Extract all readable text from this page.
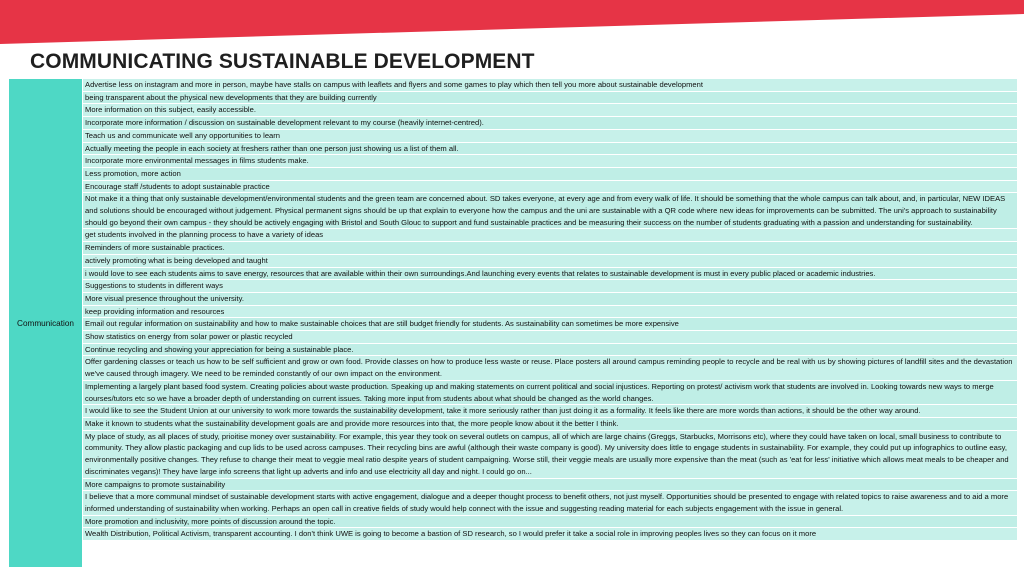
COMMUNICATING SUSTAINABLE DEVELOPMENT
Communication
Advertise less on instagram and more in person, maybe have stalls on campus with leaflets and flyers and some games to play which then tell you more about sustainable development
being transparent about the physical new developments that they are building currently
More information on this subject, easily accessible.
Incorporate more information / discussion on sustainable development relevant to my course (heavily internet-centred).
Teach us and communicate well any opportunities to learn
Actually meeting the people in each society at freshers rather than one person just showing us a list of them all.
Incorporate more environmental messages in films students make.
Less promotion, more action
Encourage staff /students to adopt sustainable practice
Not make it a thing that only sustainable development/environmental students and the green team are concerned about. SD takes everyone, at every age and from every walk of life. It should be something that the whole campus can talk about, and, in particular, NEW IDEAS and solutions should be encouraged without judgement. Physical permanent signs should be up that explain to everyone how the campus and the uni are sustainable with a QR code where new ideas for improvements can be submitted. The uni's approach to sustainability should go beyond their own campus - they should be actively engaging with Bristol and South Glouc to support and fund sustainable practices and be measuring their success on the number of students graduating with a passion and understanding for sustainability.
get students involved in the planning process to have a variety of ideas
Reminders of more sustainable practices.
actively promoting what is being developed and taught
i would love to see each students aims to save energy, resources that are available within their own surroundings.And launching every events that relates to sustainable development is must in every public placed or academic industries.
Suggestions to students in different ways
More visual presence throughout the university.
keep providing information and resources
Email out regular information on sustainability and how to make sustainable choices that are still budget friendly for students. As sustainability can sometimes be more expensive
Show statistics on energy from solar power or plastic recycled
Continue recycling and showing your appreciation for being a sustainable place.
Offer gardening classes or teach us how to be self sufficient and grow or own food. Provide classes on how to produce less waste or reuse. Place posters all around campus reminding people to recycle and be real with us by showing pictures of landfill sites and the devastation we've caused through imagery. We need to be reminded constantly of our own impact on the environment.
Implementing a largely plant based food system. Creating policies about waste production. Speaking up and making statements on current political and social injustices. Reporting on protest/ activism work that students are involved in. Looking towards new ways to merge courses/tutors etc so we have a broader depth of understanding on current issues. Taking more input from students about what should be changed as the world changes.
I would like to see the Student Union at our university to work more towards the sustainability development, take it more seriously rather than just doing it as a formality. It feels like there are more words than actions, it should be the other way around.
Make it known to students what the sustainability development goals are and provide more resources into that, the more people know about it the better I think.
My place of study, as all places of study, prioitise money over sustainability. For example, this year they took on several outlets on campus, all of which are large chains (Greggs, Starbucks, Morrisons etc), where they could have taken on local, small business to contribute to community. They allow plastic packaging and cup lids to be used across campuses. Their recycling bins are awful (although their waste company is good). My university does little to engage students in sustainability. For example, they could put up infographics to outline easy, environmentally positive changes. They refuse to change their meat to veggie meal ratio despite years of student campaigning. Worse still, their veggie meals are usually more expensive than the meat (such as 'eat for less' initiative which allows meat meals to be cheaper and discriminates vegans)! They have large info screens that light up adverts and info and use electricity all day and night. I could go on...
More campaigns to promote sustainability
I believe that a more communal mindset of sustainable development starts with active engagement, dialogue and a deeper thought process to benefit others, not just myself. Opportunities should be presented to engage with related topics to raise awareness and to aid a more informed understanding of sustainability when working. Perhaps an open call in creative fields of study would help connect with the issue and suggesting reading material for each subjects engagement with the issue in general.
More promotion and inclusivity, more points of discussion around the topic.
Wealth Distribution, Political Activism, transparent accounting. I don't think UWE is going to become a bastion of SD research, so I would prefer it take a social role in improving peoples lives so they can focus on it more
